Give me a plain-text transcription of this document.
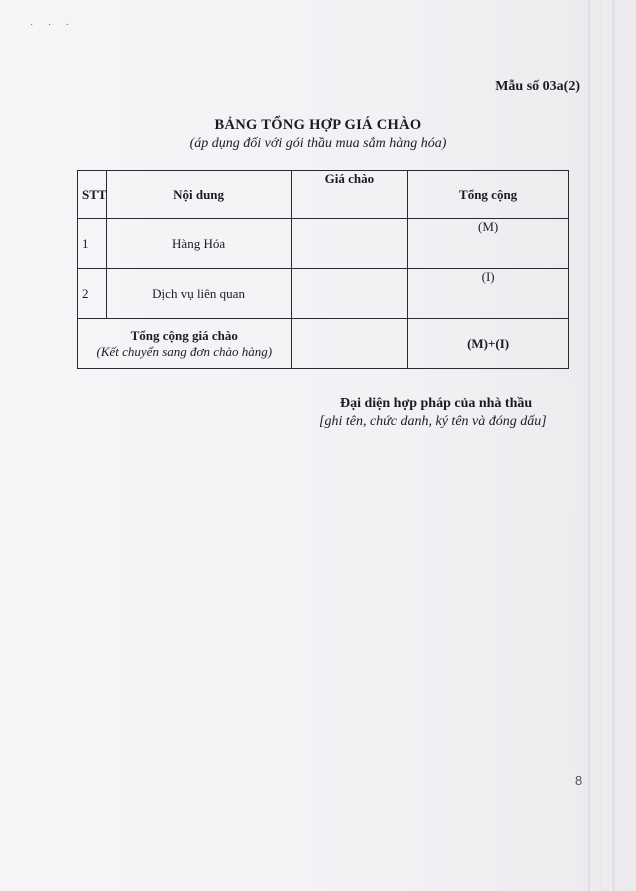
· · ·
Mẫu số 03a(2)
BẢNG TỔNG HỢP GIÁ CHÀO
(áp dụng đối với gói thầu mua sắm hàng hóa)
STT	Nội dung	Giá chào	Tổng cộng
1	Hàng Hóa		(M)
2	Dịch vụ liên quan		(I)

Tổng cộng giá chào
(Kết chuyển sang đơn chào hàng)			(M)+(I)
Đại diện hợp pháp của nhà thầu
[ghi tên, chức danh, ký tên và đóng dấu]
8
